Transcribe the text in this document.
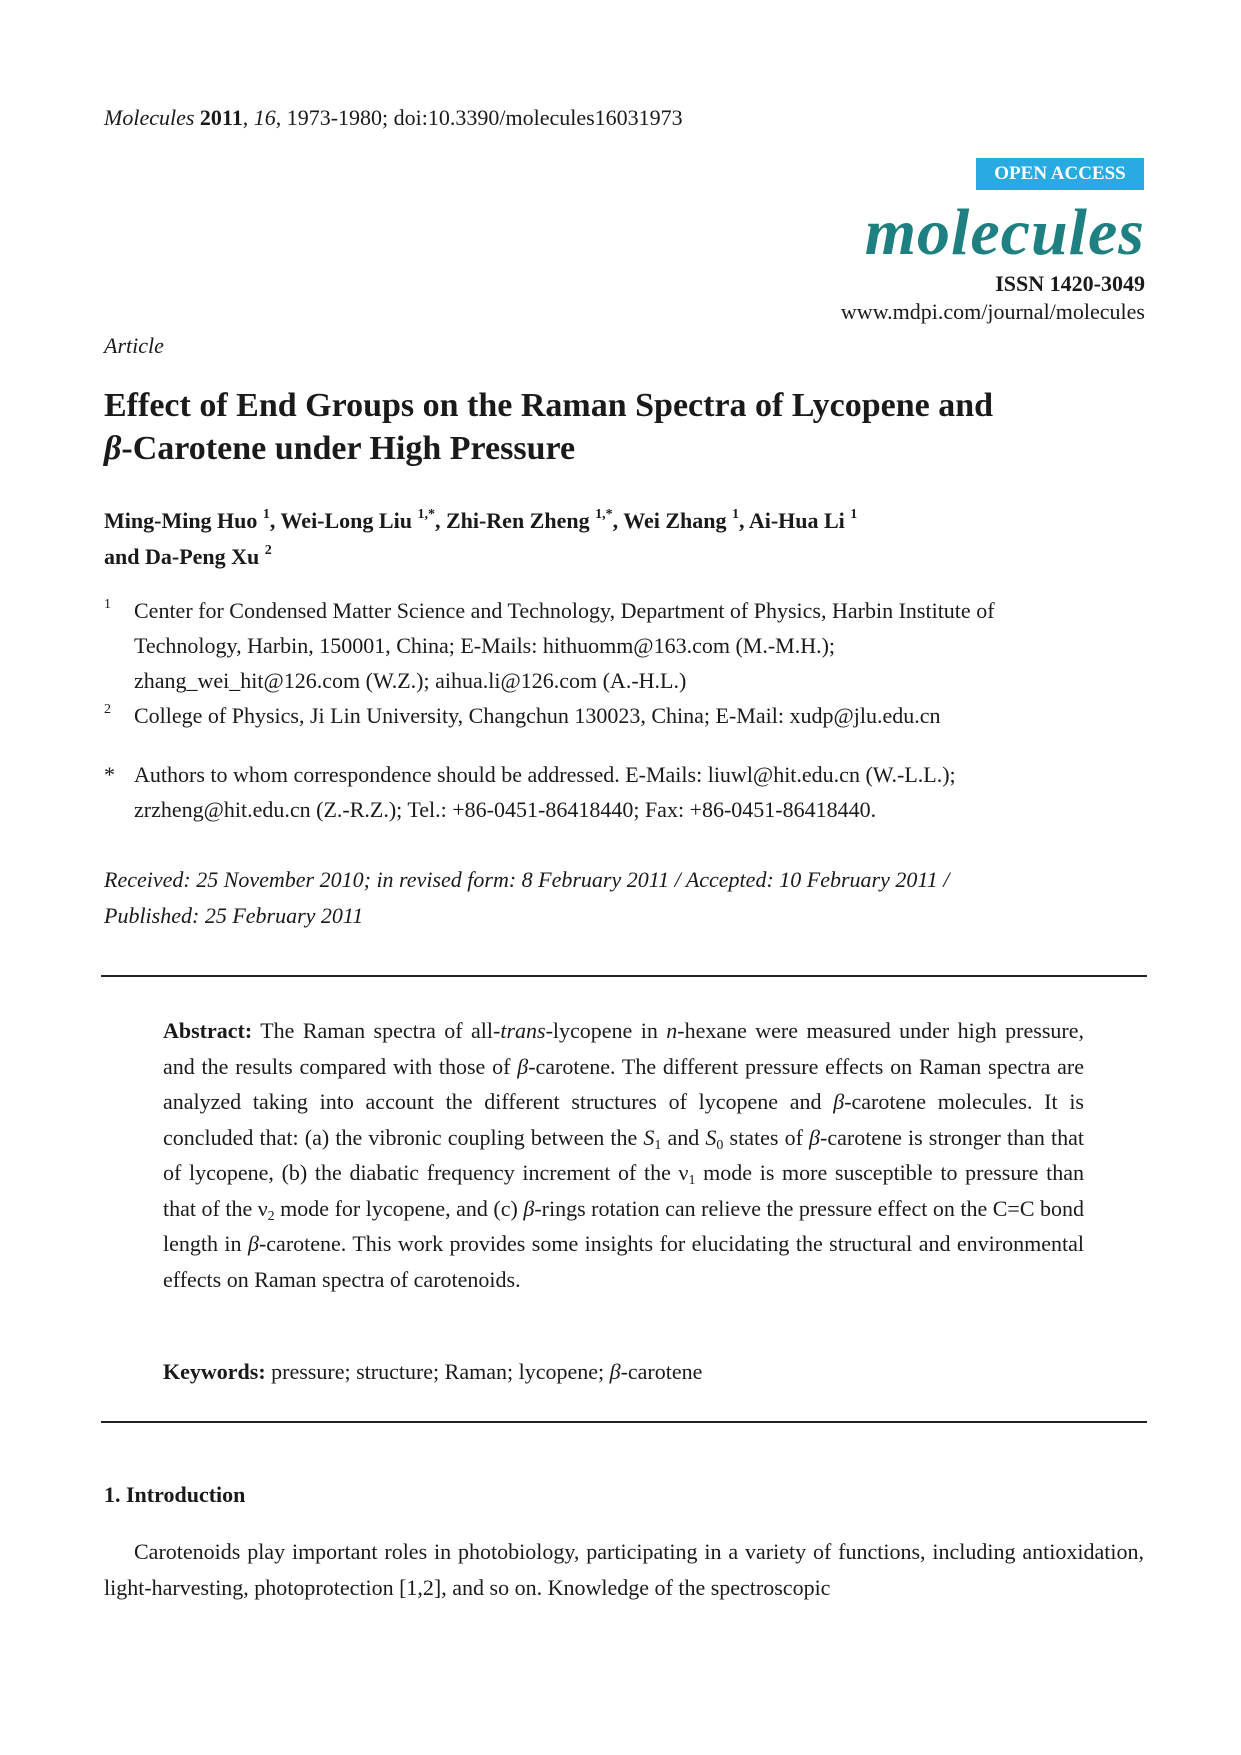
Molecules 2011, 16, 1973-1980; doi:10.3390/molecules16031973
OPEN ACCESS
molecules
ISSN 1420-3049
www.mdpi.com/journal/molecules
Article
Effect of End Groups on the Raman Spectra of Lycopene and
β-Carotene under High Pressure
Ming-Ming Huo $^1$, Wei-Long Liu $^{1,*}$, Zhi-Ren Zheng $^{1,*}$, Wei Zhang $^1$, Ai-Hua Li $^1$
and Da-Peng Xu $^2$
1 Center for Condensed Matter Science and Technology, Department of Physics, Harbin Institute of
Technology, Harbin, 150001, China; E-Mails: hithuomm@163.com (M.-M.H.);
zhang_wei_hit@126.com (W.Z.); aihua.li@126.com (A.-H.L.)
2 College of Physics, Ji Lin University, Changchun 130023, China; E-Mail: xudp@jlu.edu.cn
* Authors to whom correspondence should be addressed. E-Mails: liuwl@hit.edu.cn (W.-L.L.);
zrzheng@hit.edu.cn (Z.-R.Z.); Tel.: +86-0451-86418440; Fax: +86-0451-86418440.
Received: 25 November 2010; in revised form: 8 February 2011 / Accepted: 10 February 2011 /
Published: 25 February 2011
Abstract: The Raman spectra of all-trans-lycopene in n-hexane were measured under high pressure, and the results compared with those of β-carotene. The different pressure effects on Raman spectra are analyzed taking into account the different structures of lycopene and β-carotene molecules. It is concluded that: (a) the vibronic coupling between the $S_1$ and $S_0$ states of β-carotene is stronger than that of lycopene, (b) the diabatic frequency increment of the $\nu_1$ mode is more susceptible to pressure than that of the $\nu_2$ mode for lycopene, and (c) β-rings rotation can relieve the pressure effect on the C=C bond length in β-carotene. This work provides some insights for elucidating the structural and environmental effects on Raman spectra of carotenoids.
Keywords: pressure; structure; Raman; lycopene; β-carotene
1. Introduction
Carotenoids play important roles in photobiology, participating in a variety of functions, including antioxidation, light-harvesting, photoprotection [1,2], and so on. Knowledge of the spectroscopic
